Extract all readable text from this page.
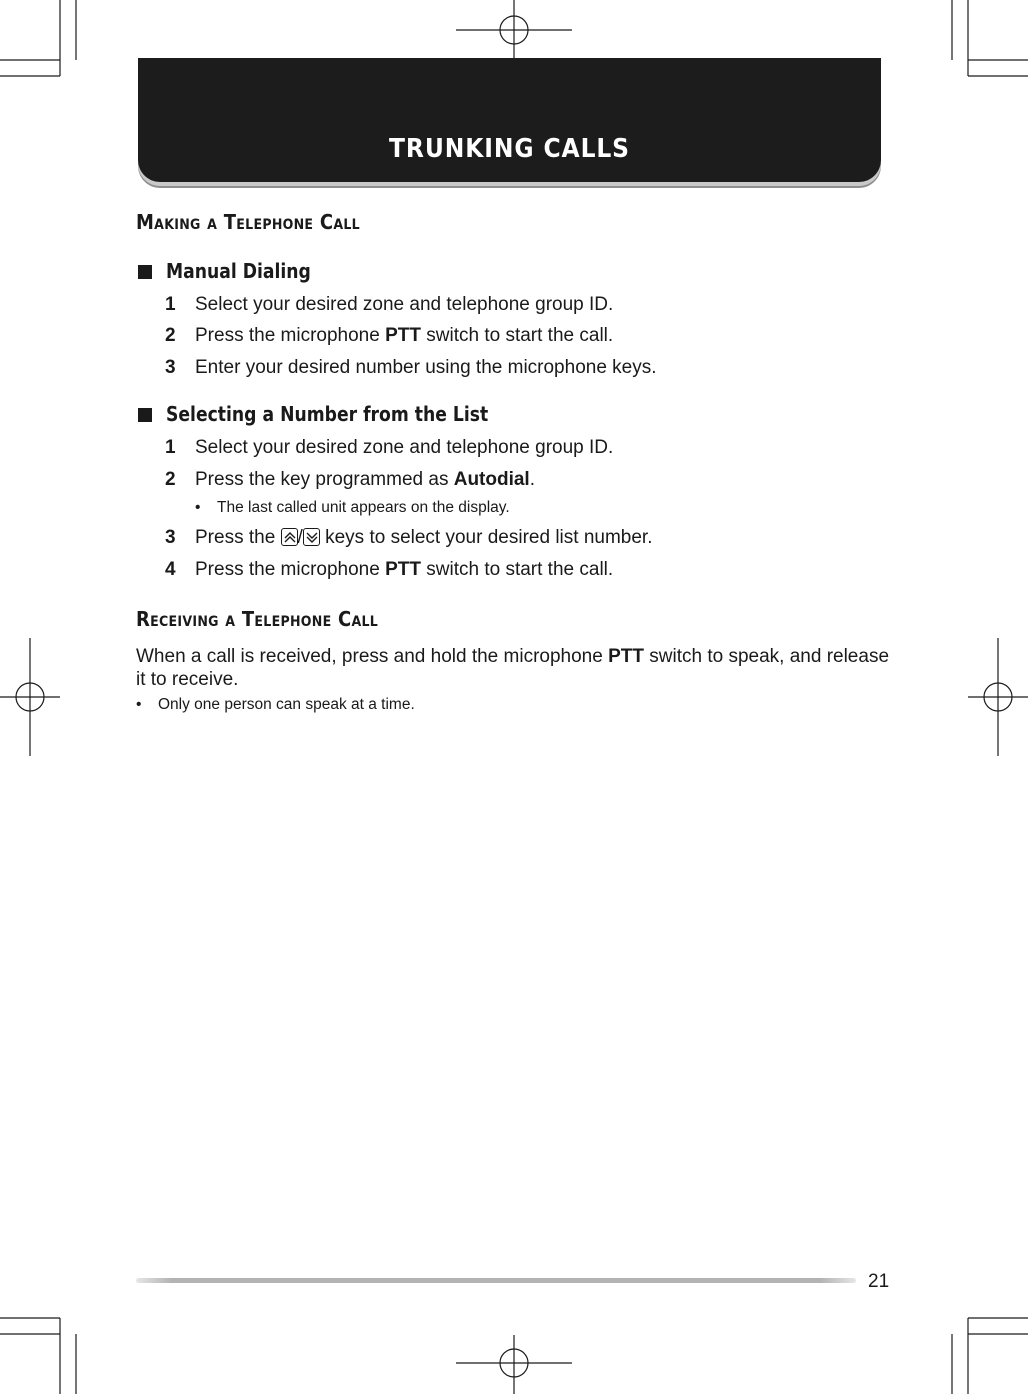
TRUNKING CALLS
Making a Telephone Call
Manual Dialing
1 Select your desired zone and telephone group ID.
2 Press the microphone PTT switch to start the call.
3 Enter your desired number using the microphone keys.
Selecting a Number from the List
1 Select your desired zone and telephone group ID.
2 Press the key programmed as Autodial.
• The last called unit appears on the display.
3 Press the
/
keys to select your desired list number.
4 Press the microphone PTT switch to start the call.
Receiving a Telephone Call

When a call is received, press and hold the microphone PTT switch to speak, and release it to receive.

• Only one person can speak at a time.
21
